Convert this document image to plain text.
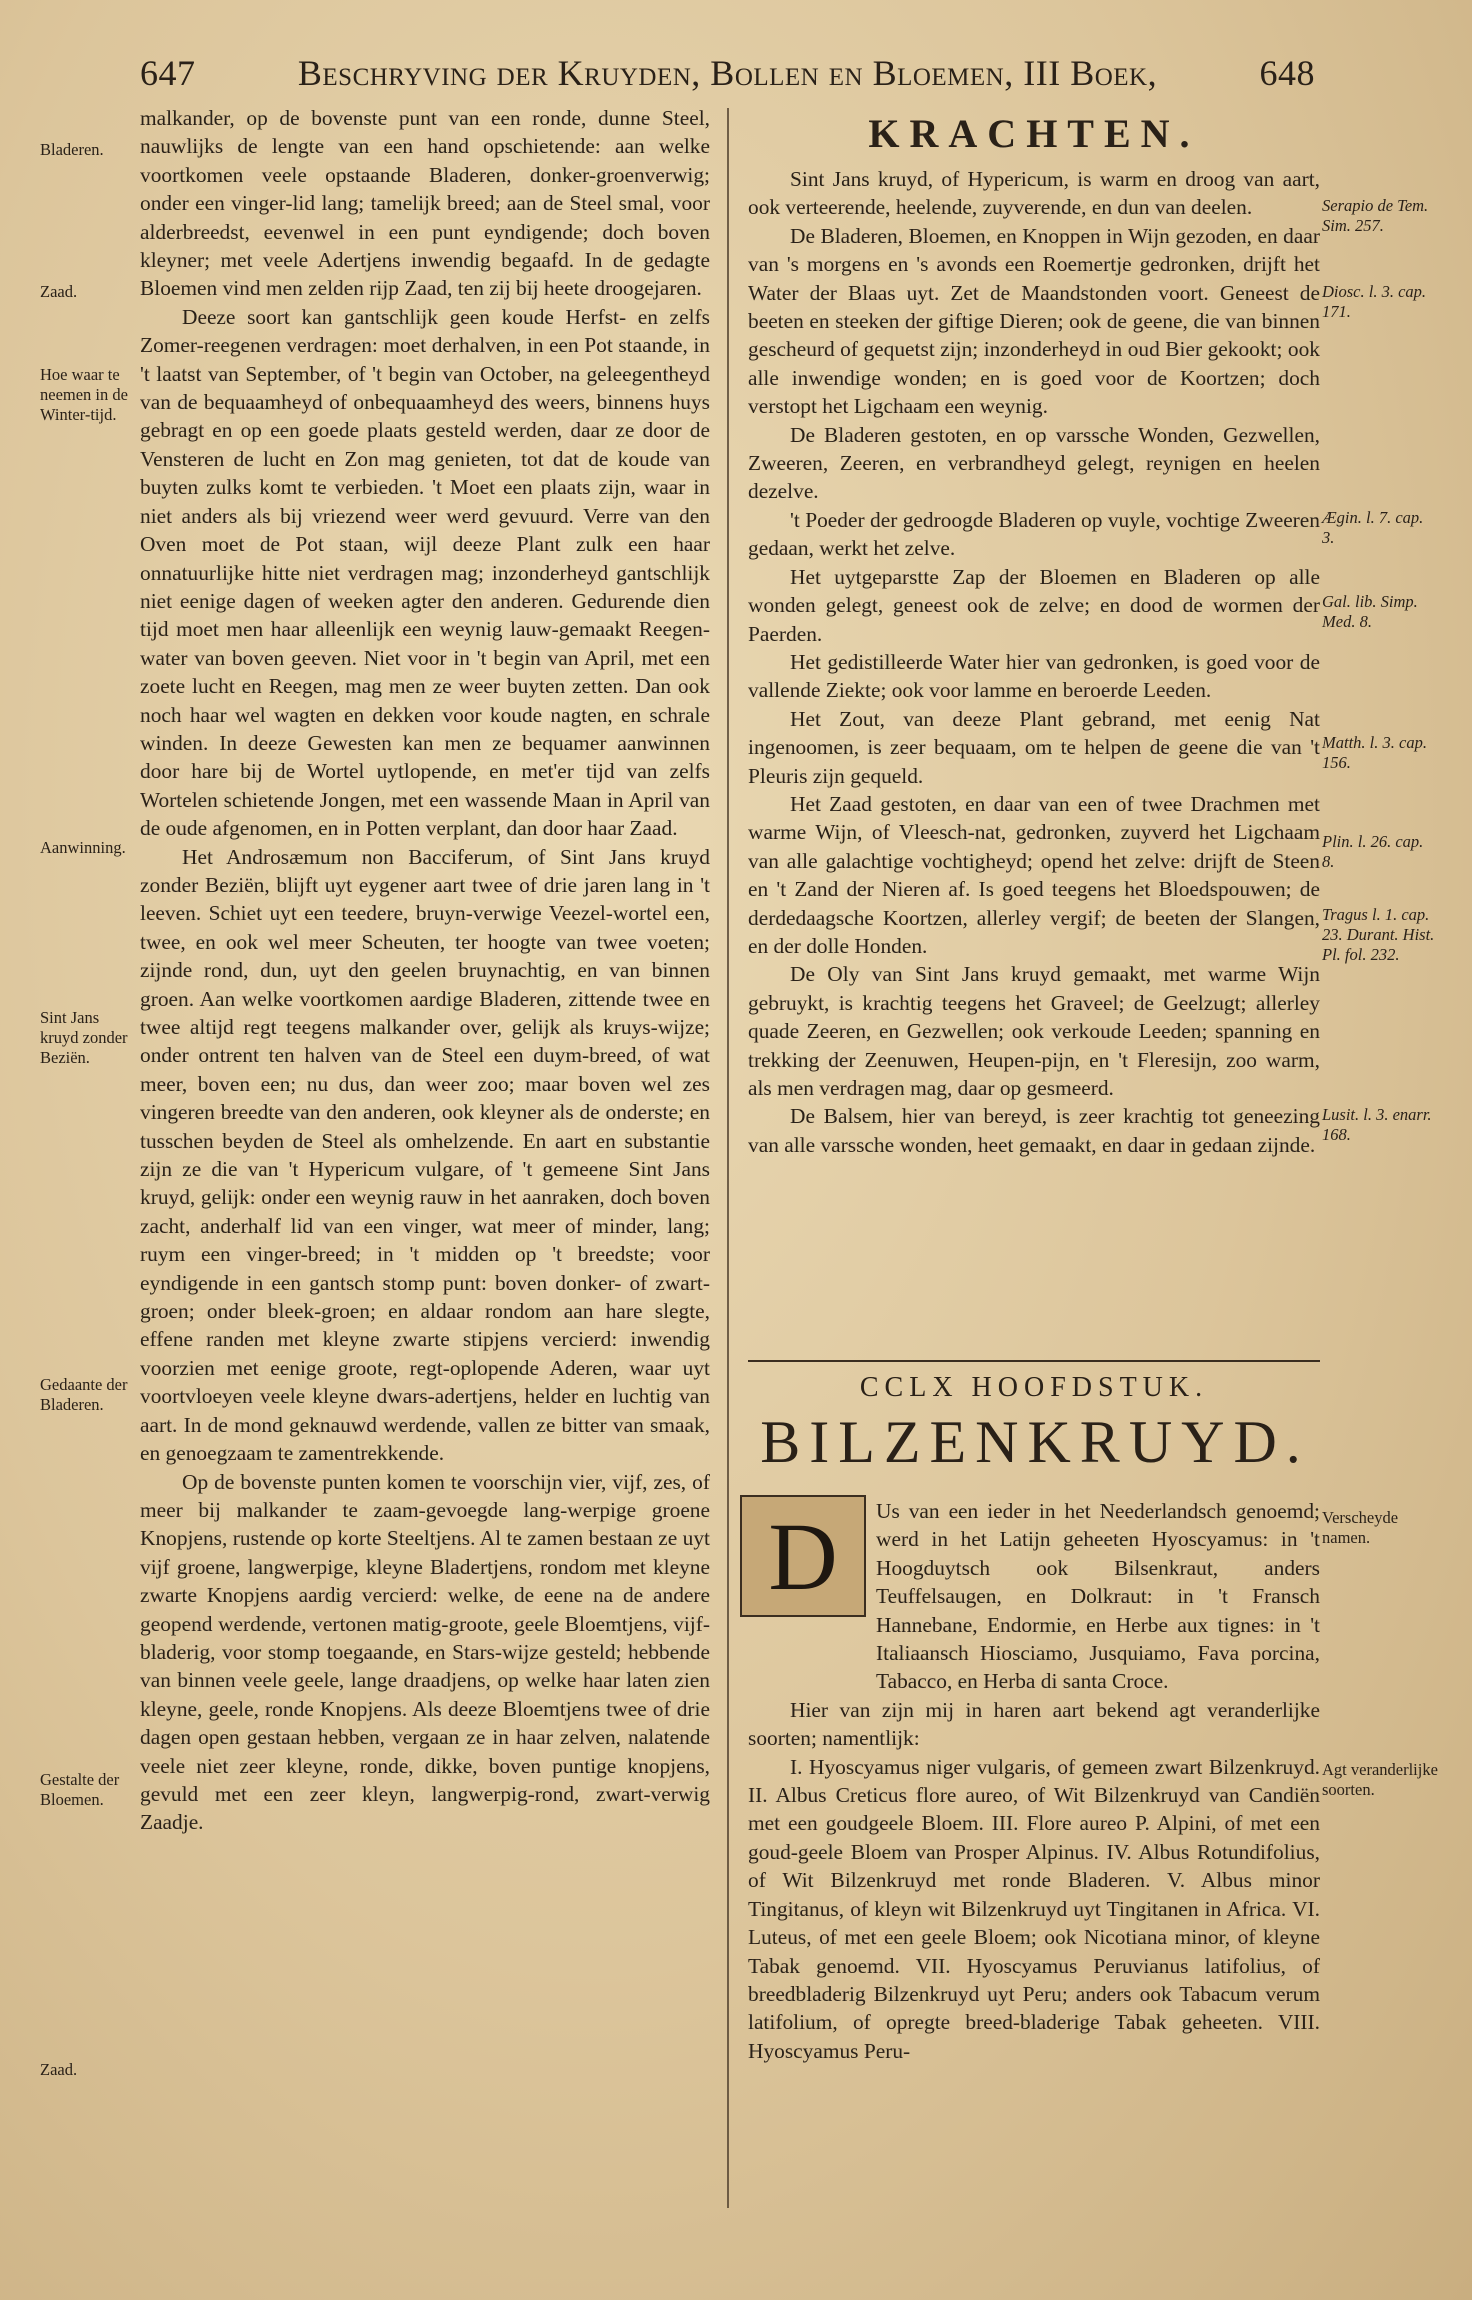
647	Beschryving der Kruyden, Bollen en Bloemen, III Boek,	648

malkander, op de bovenste punt van een ronde, dunne Steel, nauwlijks de lengte van een hand opschietende: aan welke voortkomen veele opstaande Bladeren, donker-groenverwig; onder een vinger-lid lang; tamelijk breed; aan de Steel smal, voor alderbreedst, eevenwel in een punt eyndigende; doch boven kleyner; met veele Adertjens inwendig begaafd. In de gedagte Bloemen vind men zelden rijp Zaad, ten zij bij heete droogejaren.

Deeze soort kan gantschlijk geen koude Herfst- en zelfs Zomer-reegenen verdragen: moet derhalven, in een Pot staande, in 't laatst van September, of 't begin van October, na geleegentheyd van de bequaamheyd of onbequaamheyd des weers, binnens huys gebragt en op een goede plaats gesteld werden, daar ze door de Vensteren de lucht en Zon mag genieten, tot dat de koude van buyten zulks komt te verbieden. 't Moet een plaats zijn, waar in niet anders als bij vriezend weer werd gevuurd. Verre van den Oven moet de Pot staan, wijl deeze Plant zulk een haar onnatuurlijke hitte niet verdragen mag; inzonderheyd gantschlijk niet eenige dagen of weeken agter den anderen. Gedurende dien tijd moet men haar alleenlijk een weynig lauw-gemaakt Reegen-water van boven geeven. Niet voor in 't begin van April, met een zoete lucht en Reegen, mag men ze weer buyten zetten. Dan ook noch haar wel wagten en dekken voor koude nagten, en schrale winden. In deeze Gewesten kan men ze bequamer aanwinnen door hare bij de Wortel uytlopende, en met'er tijd van zelfs Wortelen schietende Jongen, met een wassende Maan in April van de oude afgenomen, en in Potten verplant, dan door haar Zaad.

Het Androsæmum non Bacciferum, of Sint Jans kruyd zonder Beziën, blijft uyt eygener aart twee of drie jaren lang in 't leeven. Schiet uyt een teedere, bruyn-verwige Veezel-wortel een, twee, en ook wel meer Scheuten, ter hoogte van twee voeten; zijnde rond, dun, uyt den geelen bruynachtig, en van binnen groen. Aan welke voortkomen aardige Bladeren, zittende twee en twee altijd regt teegens malkander over, gelijk als kruys-wijze; onder ontrent ten halven van de Steel een duym-breed, of wat meer, boven een; nu dus, dan weer zoo; maar boven wel zes vingeren breedte van den anderen, ook kleyner als de onderste; en tusschen beyden de Steel als omhelzende. En aart en substantie zijn ze die van 't Hypericum vulgare, of 't gemeene Sint Jans kruyd, gelijk: onder een weynig rauw in het aanraken, doch boven zacht, anderhalf lid van een vinger, wat meer of minder, lang; ruym een vinger-breed; in 't midden op 't breedste; voor eyndigende in een gantsch stomp punt: boven donker- of zwart-groen; onder bleek-groen; en aldaar rondom aan hare slegte, effene randen met kleyne zwarte stipjens vercierd: inwendig voorzien met eenige groote, regt-oplopende Aderen, waar uyt voortvloeyen veele kleyne dwars-adertjens, helder en luchtig van aart. In de mond geknauwd werdende, vallen ze bitter van smaak, en genoegzaam te zamentrekkende.

Op de bovenste punten komen te voorschijn vier, vijf, zes, of meer bij malkander te zaam-gevoegde lang-werpige groene Knopjens, rustende op korte Steeltjens. Al te zamen bestaan ze uyt vijf groene, langwerpige, kleyne Bladertjens, rondom met kleyne zwarte Knopjens aardig vercierd: welke, de eene na de andere geopend werdende, vertonen matig-groote, geele Bloemtjens, vijf-bladerig, voor stomp toegaande, en Stars-wijze gesteld; hebbende van binnen veele geele, lange draadjens, op welke haar laten zien kleyne, geele, ronde Knopjens. Als deeze Bloemtjens twee of drie dagen open gestaan hebben, vergaan ze in haar zelven, nalatende veele niet zeer kleyne, ronde, dikke, boven puntige knopjens, gevuld met een zeer kleyn, langwerpig-rond, zwart-verwig Zaadje.

Bladeren.
Zaad.
Hoe waar te neemen in de Winter-tijd.
Aanwinning.
Sint Jans kruyd zonder Beziën.
Gedaante der Bladeren.
Gestalte der Bloemen.
Zaad.
KRACHTEN.

Sint Jans kruyd, of Hypericum, is warm en droog van aart, ook verteerende, heelende, zuyverende, en dun van deelen.

De Bladeren, Bloemen, en Knoppen in Wijn gezoden, en daar van 's morgens en 's avonds een Roemertje gedronken, drijft het Water der Blaas uyt. Zet de Maandstonden voort. Geneest de beeten en steeken der giftige Dieren; ook de geene, die van binnen gescheurd of gequetst zijn; inzonderheyd in oud Bier gekookt; ook alle inwendige wonden; en is goed voor de Koortzen; doch verstopt het Ligchaam een weynig.

De Bladeren gestoten, en op varssche Wonden, Gezwellen, Zweeren, Zeeren, en verbrandheyd gelegt, reynigen en heelen dezelve.

't Poeder der gedroogde Bladeren op vuyle, vochtige Zweeren gedaan, werkt het zelve.

Het uytgeparstte Zap der Bloemen en Bladeren op alle wonden gelegt, geneest ook de zelve; en dood de wormen der Paerden.

Het gedistilleerde Water hier van gedronken, is goed voor de vallende Ziekte; ook voor lamme en beroerde Leeden.

Het Zout, van deeze Plant gebrand, met eenig Nat ingenoomen, is zeer bequaam, om te helpen de geene die van 't Pleuris zijn gequeld.

Het Zaad gestoten, en daar van een of twee Drachmen met warme Wijn, of Vleesch-nat, gedronken, zuyverd het Ligchaam van alle galachtige vochtigheyd; opend het zelve: drijft de Steen en 't Zand der Nieren af. Is goed teegens het Bloedspouwen; de derdedaagsche Koortzen, allerley vergif; de beeten der Slangen, en der dolle Honden.

De Oly van Sint Jans kruyd gemaakt, met warme Wijn gebruykt, is krachtig teegens het Graveel; de Geelzugt; allerley quade Zeeren, en Gezwellen; ook verkoude Leeden; spanning en trekking der Zeenuwen, Heupen-pijn, en 't Fleresijn, zoo warm, als men verdragen mag, daar op gesmeerd.

De Balsem, hier van bereyd, is zeer krachtig tot geneezing van alle varssche wonden, heet gemaakt, en daar in gedaan zijnde.

CCLX HOOFDSTUK.
BILZENKRUYD.
D	Us van een ieder in het Neederlandsch genoemd; werd in het Latijn geheeten Hyoscyamus: in 't Hoogduytsch ook Bilsenkraut, anders Teuffelsaugen, en Dolkraut: in 't Fransch Hannebane, Endormie, en Herbe aux tignes: in 't Italiaansch Hiosciamo, Jusquiamo, Fava porcina, Tabacco, en Herba di santa Croce.

Hier van zijn mij in haren aart bekend agt veranderlijke soorten; namentlijk:

I. Hyoscyamus niger vulgaris, of gemeen zwart Bilzenkruyd. II. Albus Creticus flore aureo, of Wit Bilzenkruyd van Candiën met een goudgeele Bloem. III. Flore aureo P. Alpini, of met een goud-geele Bloem van Prosper Alpinus. IV. Albus Rotundifolius, of Wit Bilzenkruyd met ronde Bladeren. V. Albus minor Tingitanus, of kleyn wit Bilzenkruyd uyt Tingitanen in Africa. VI. Luteus, of met een geele Bloem; ook Nicotiana minor, of kleyne Tabak genoemd. VII. Hyoscyamus Peruvianus latifolius, of breedbladerig Bilzenkruyd uyt Peru; anders ook Tabacum verum latifolium, of opregte breed-bladerige Tabak geheeten. VIII. Hyoscyamus Peru-

Serapio de Tem. Sim. 257.
Diosc. l. 3. cap. 171.
Ægin. l. 7. cap. 3.
Gal. lib. Simp. Med. 8.
Matth. l. 3. cap. 156.
Plin. l. 26. cap. 8.
Tragus l. 1. cap. 23. Durant. Hist. Pl. fol. 232.
Lusit. l. 3. enarr. 168.
Verscheyde namen.
Agt veranderlijke soorten.
